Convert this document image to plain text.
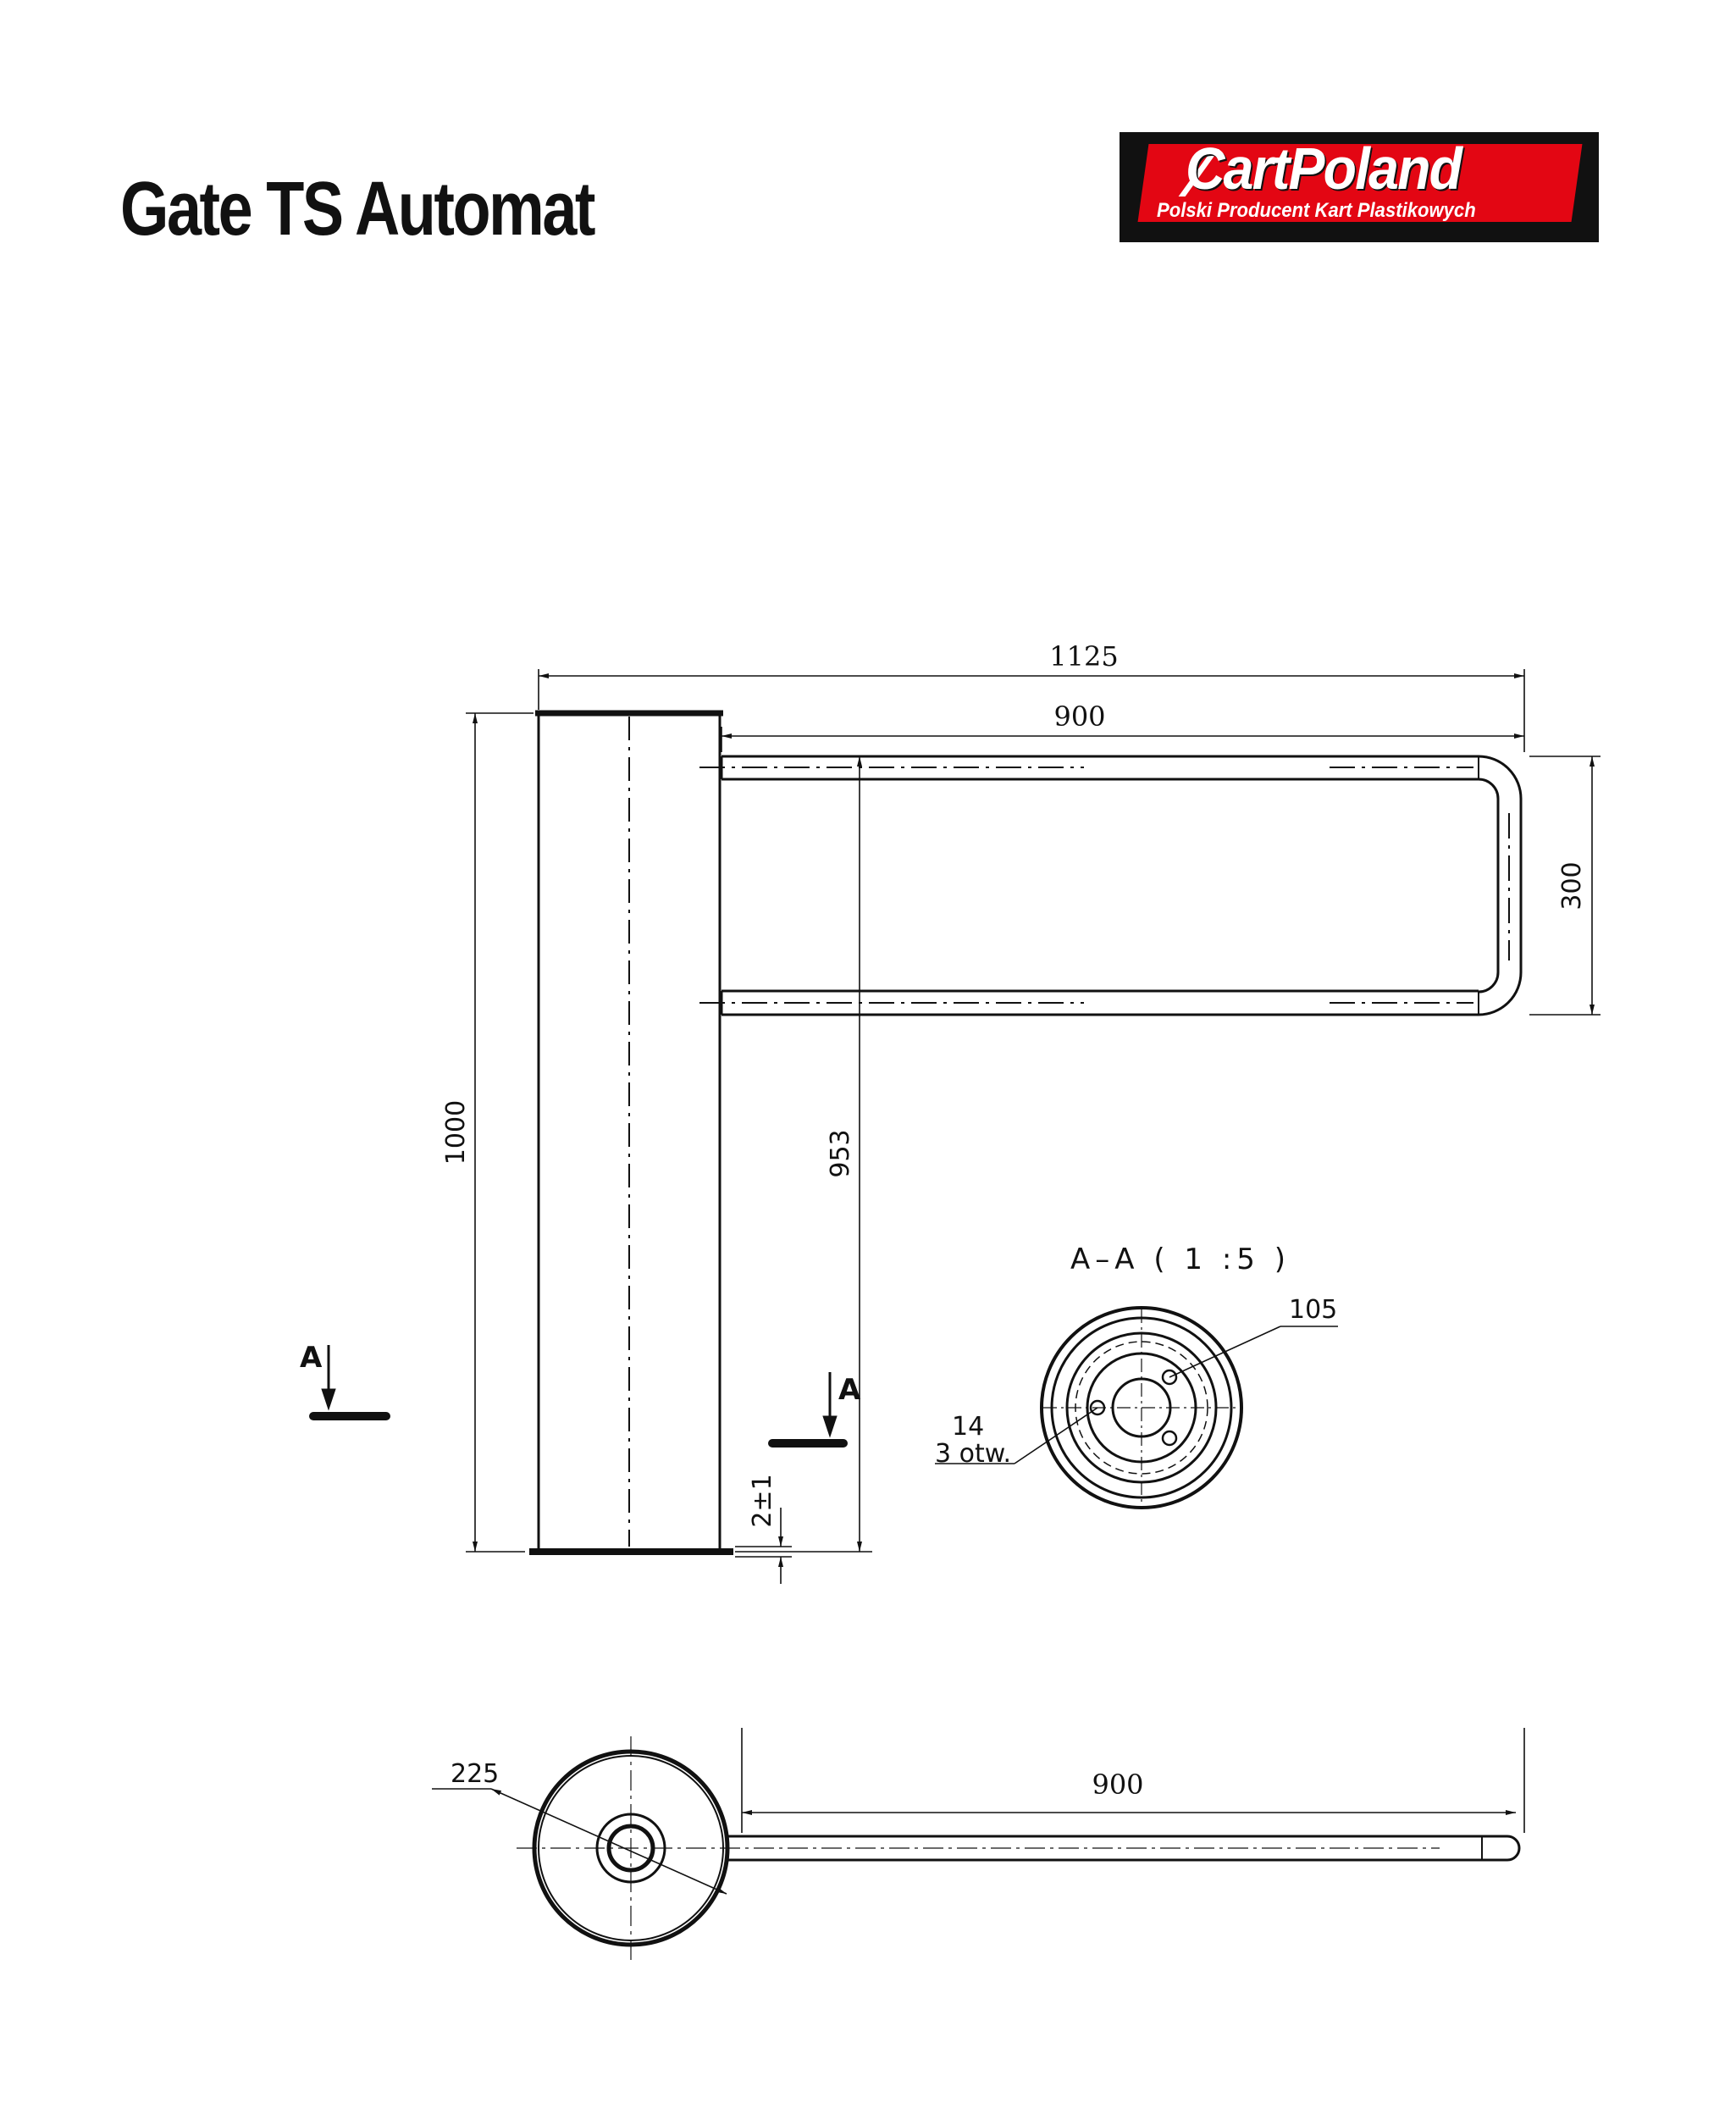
Gate TS Automat	CartPoland
Polski Producent Kart Plastikowych
1125
900
300
1000	953
2±1
A
A
A–A ( 1 :5 )
105
14
3 otw.
900
225
